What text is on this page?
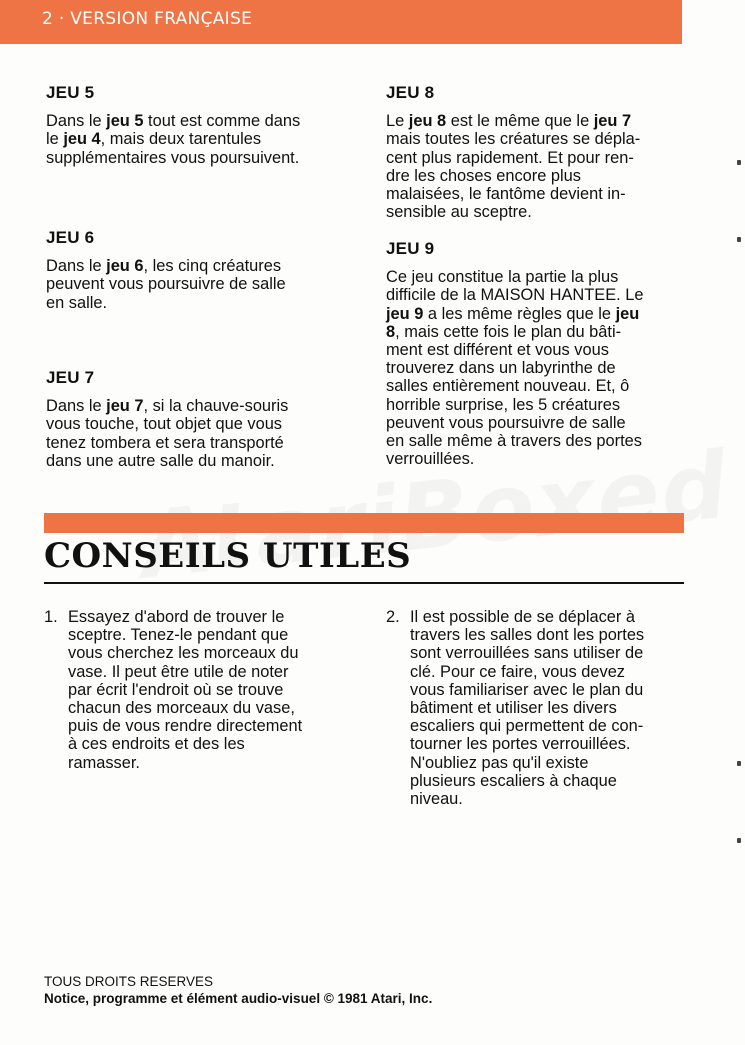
2 · VERSION FRANÇAISE
JEU 5

Dans le jeu 5 tout est comme dans
le jeu 4, mais deux tarentules
supplémentaires vous poursuivent.

JEU 6

Dans le jeu 6, les cinq créatures
peuvent vous poursuivre de salle
en salle.

JEU 7

Dans le jeu 7, si la chauve-souris
vous touche, tout objet que vous
tenez tombera et sera transporté
dans une autre salle du manoir.

JEU 8

Le jeu 8 est le même que le jeu 7
mais toutes les créatures se dépla-
cent plus rapidement. Et pour ren-
dre les choses encore plus
malaisées, le fantôme devient in-
sensible au sceptre.

JEU 9

Ce jeu constitue la partie la plus
difficile de la MAISON HANTEE. Le
jeu 9 a les même règles que le jeu
8, mais cette fois le plan du bâti-
ment est différent et vous vous
trouverez dans un labyrinthe de
salles entièrement nouveau. Et, ô
horrible surprise, les 5 créatures
peuvent vous poursuivre de salle
en salle même à travers des portes
verrouillées.

CONSEILS UTILES
1. Essayez d'abord de trouver le
sceptre. Tenez-le pendant que
vous cherchez les morceaux du
vase. Il peut être utile de noter
par écrit l'endroit où se trouve
chacun des morceaux du vase,
puis de vous rendre directement
à ces endroits et des les
ramasser.
2. Il est possible de se déplacer à
travers les salles dont les portes
sont verrouillées sans utiliser de
clé. Pour ce faire, vous devez
vous familiariser avec le plan du
bâtiment et utiliser les divers
escaliers qui permettent de con-
tourner les portes verrouillées.
N'oubliez pas qu'il existe
plusieurs escaliers à chaque
niveau.
TOUS DROITS RESERVES
Notice, programme et élément audio-visuel © 1981 Atari, Inc.
